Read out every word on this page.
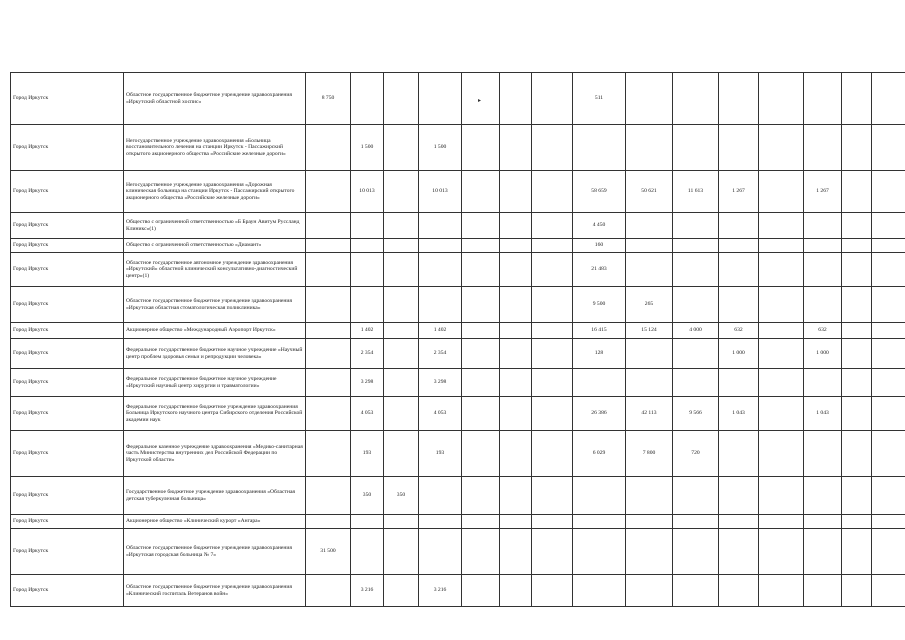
Город Иркутск	Областное государственное бюджетное учреждение здравоохранения «Иркутский областной хоспис»	8 750							511									
Город Иркутск	Негосударственное учреждение здравоохранения «Больница восстановительного лечения на станции Иркутск - Пассажирский открытого акционерного общества «Российские железные дороги»		1 500		1 500													
Город Иркутск	Негосударственное учреждение здравоохранения «Дорожная клиническая больница на станции Иркутск - Пассажирский открытого акционерного общества «Российские железные дороги»		10 013		10 013				58 659	50 621	11 613	1 267		1 267				
Город Иркутск	Общество с ограниченной ответственностью «Б Браун Авитум Руссланд Клиникс»(1)								4 450									
Город Иркутск	Общество с ограниченной ответственностью «Диамант»								160									
Город Иркутск	Областное государственное автономное учреждение здравоохранения «Иркутский» областной клинический консультативно-диагностический центр»(1)								21 483									
Город Иркутск	Областное государственное бюджетное учреждение здравоохранения «Иркутская областная стоматологическая поликлиника»								9 500	265								
Город Иркутск	Акционерное общество «Международный Аэропорт Иркутск»		1 402		1 402				16 415	15 124	4 000	632		632				
Город Иркутск	Федеральное государственное бюджетное научное учреждение «Научный центр проблем здоровья семьи и репродукции человека»		2 354		2 354				128			1 000		1 000				
Город Иркутск	Федеральное государственное бюджетное научное учреждение «Иркутский научный центр хирургии и травматологии»		3 298		3 298													
Город Иркутск	Федеральное государственное бюджетное учреждение здравоохранения Больница Иркутского научного центра Сибирского отделения Российской академии наук		4 053		4 053				26 386	42 113	9 566	1 043		1 043				
Город Иркутск	Федеральное казенное учреждение здравоохранения «Медико-санитарная часть Министерства внутренних дел Российской Федерации по Иркутской области»		193		193				6 029	7 800	720							
Город Иркутск	Государственное бюджетное учреждение здравоохранения «Областная детская туберкулезная больница»		350	350														
Город Иркутск	Акционерное общество «Клинический курорт «Ангара»																	
Город Иркутск	Областное государственное бюджетное учреждение здравоохранения «Иркутская городская больница № 7»	31 500																
Город Иркутск	Областное государственное бюджетное учреждение здравоохранения «Клинический госпиталь Ветеранов войн»		3 216		3 216													
▸
